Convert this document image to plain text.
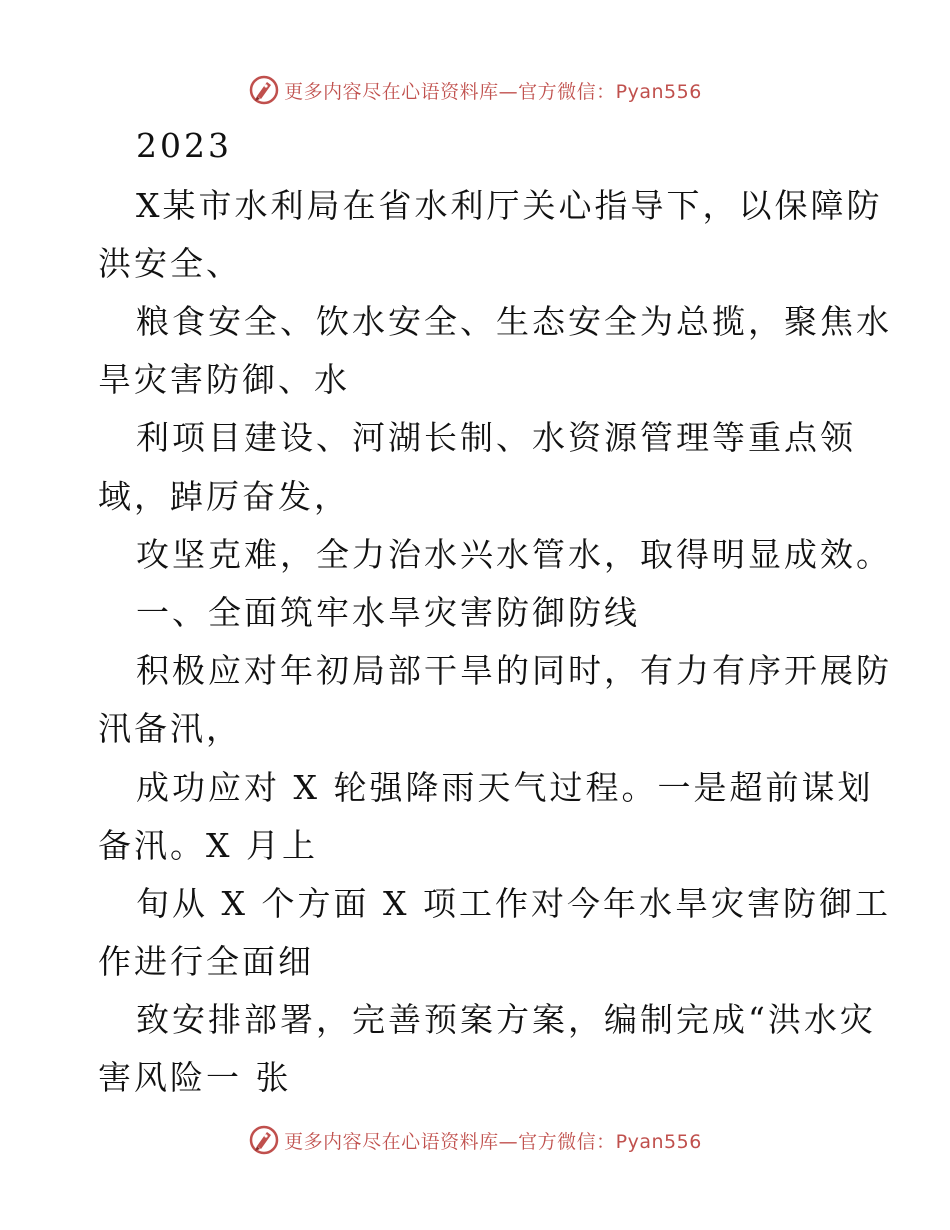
更多内容尽在心语资料库—官方微信：Pyan556
2023
X某市水利局在省水利厅关心指导下，以保障防
洪安全、
粮食安全、饮水安全、生态安全为总揽，聚焦水
旱灾害防御、水
利项目建设、河湖长制、水资源管理等重点领
域，踔厉奋发，
攻坚克难，全力治水兴水管水，取得明显成效。
一、全面筑牢水旱灾害防御防线
积极应对年初局部干旱的同时，有力有序开展防
汛备汛，
成功应对 X 轮强降雨天气过程。一是超前谋划
备汛。X 月上
旬从 X 个方面 X 项工作对今年水旱灾害防御工
作进行全面细
致安排部署，完善预案方案，编制完成“洪水灾
害风险一 张
更多内容尽在心语资料库—官方微信：Pyan556
